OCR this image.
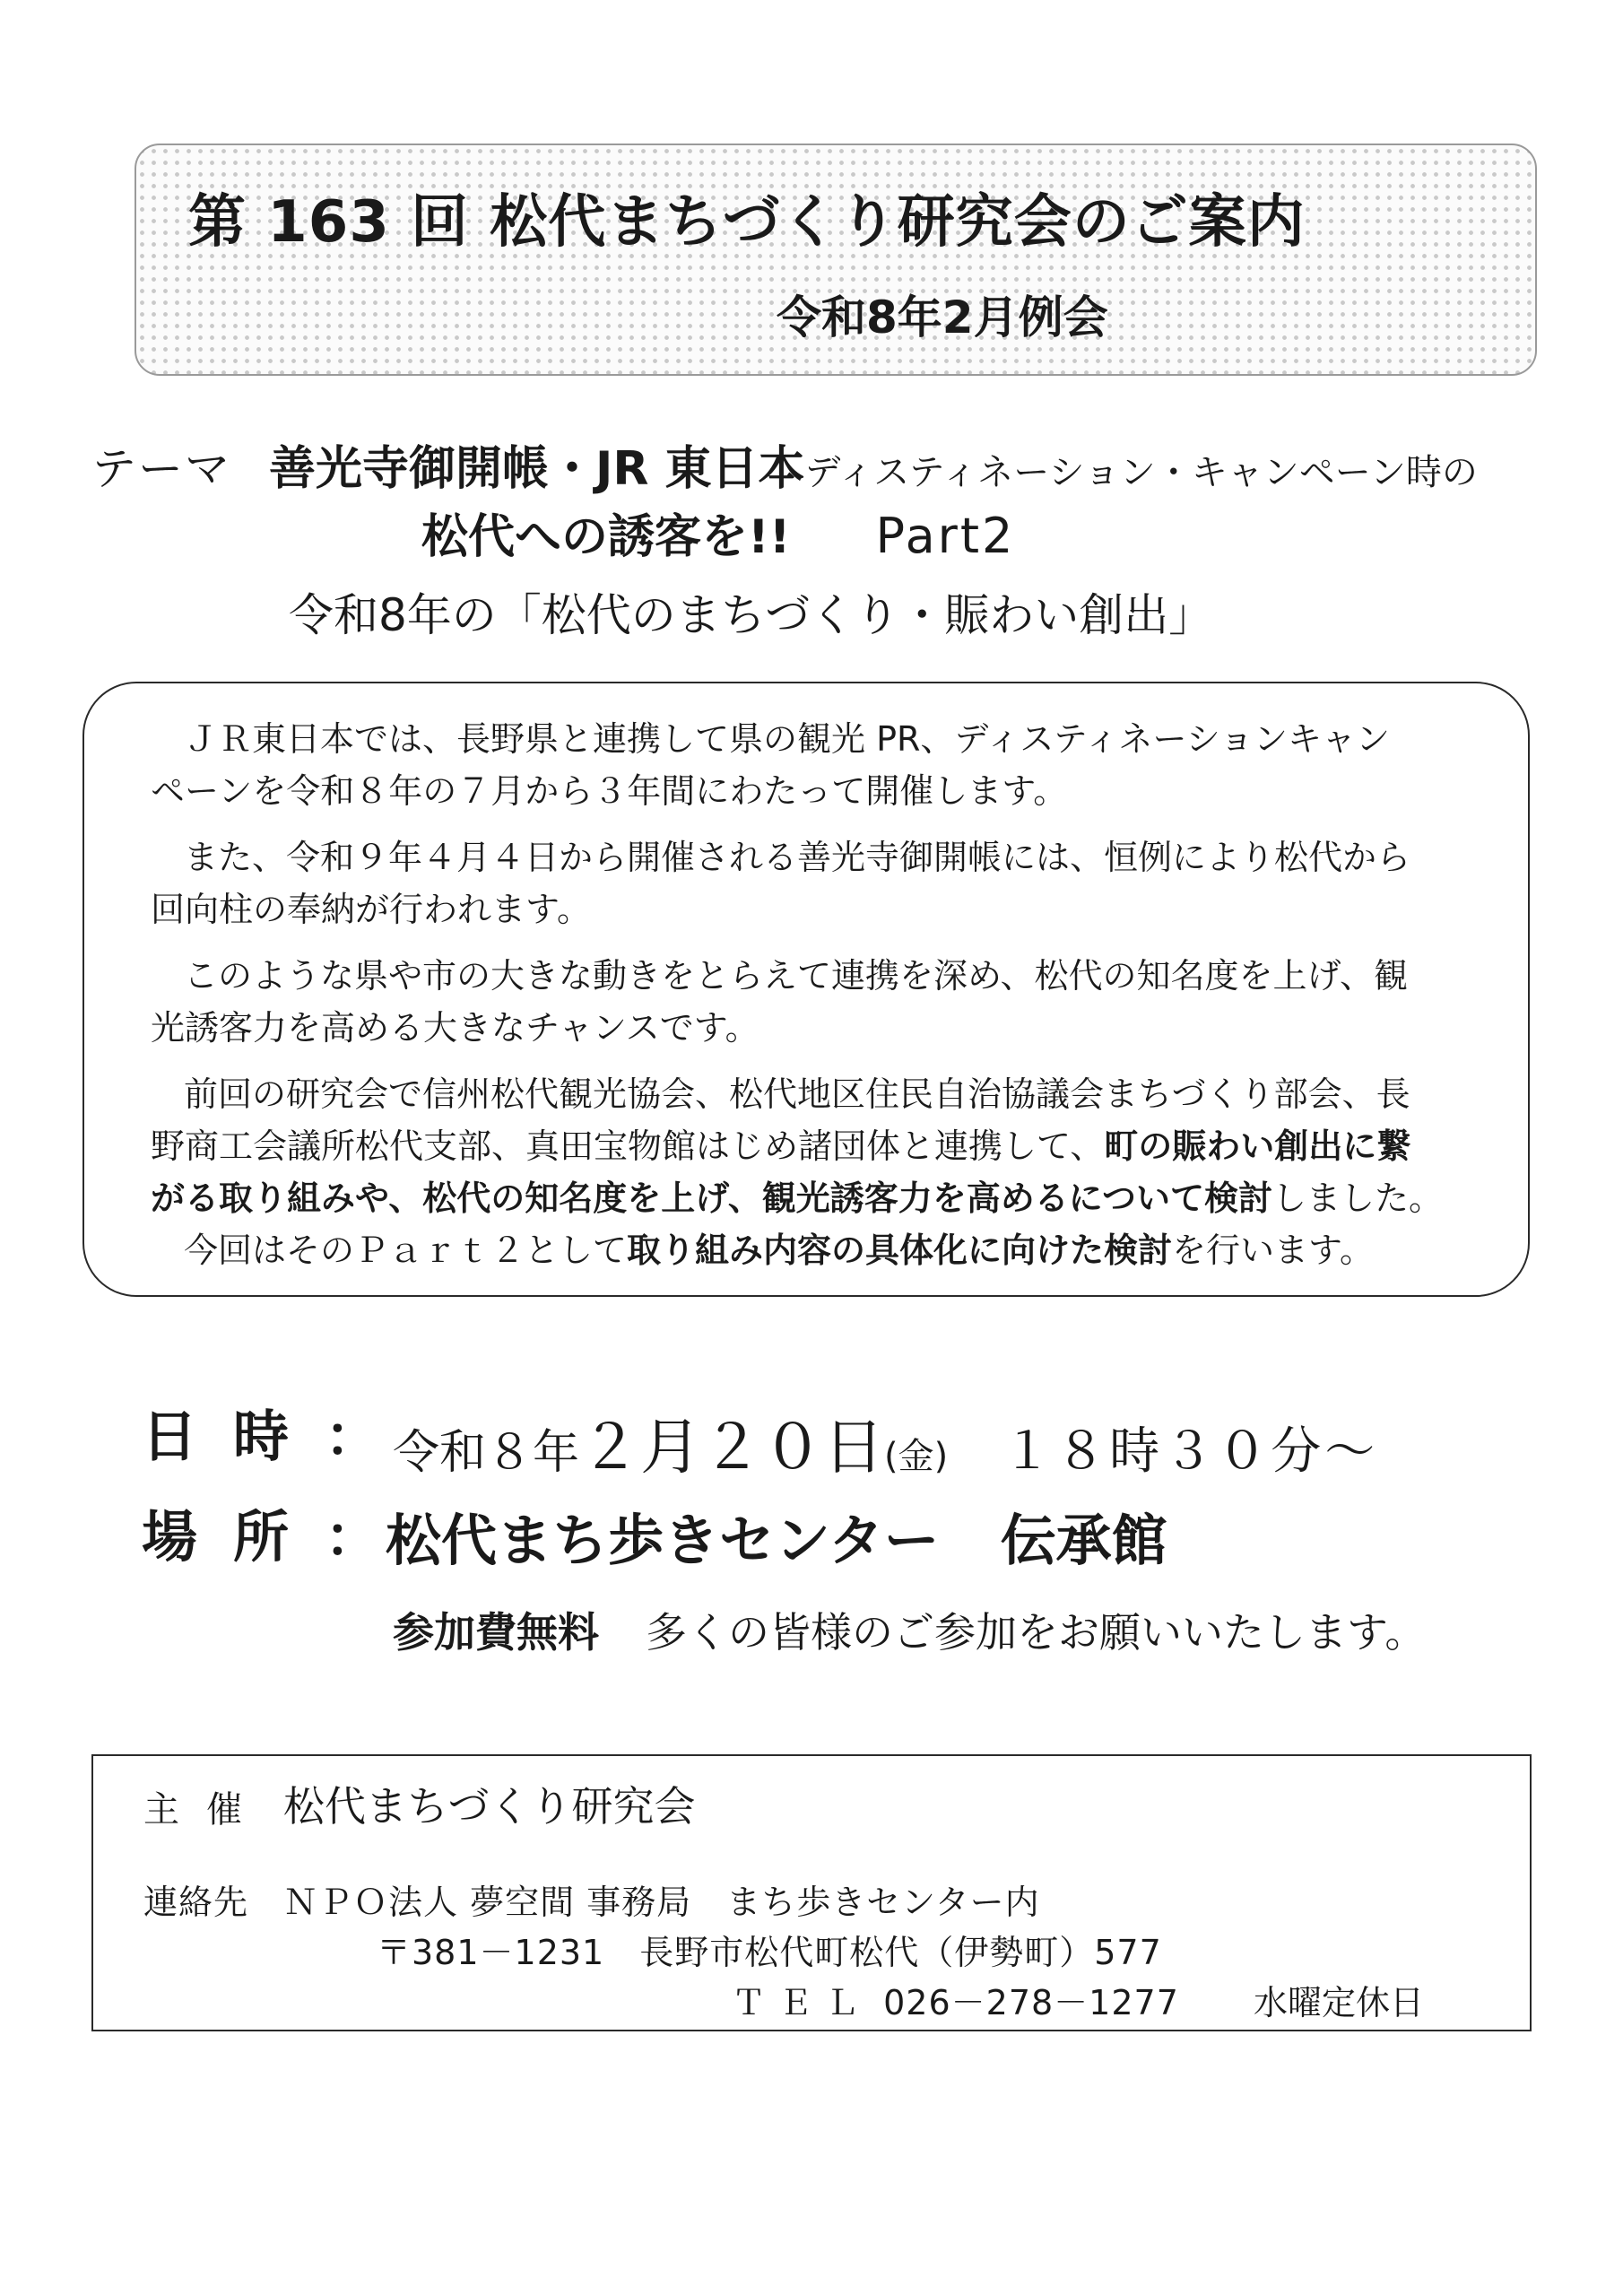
第 163 回 松代まちづくり研究会のご案内
令和8年2月例会
テーマ 善光寺御開帳・JR 東日本ディスティネーション・キャンペーン時の
松代への誘客を!! Part2
令和8年の「松代のまちづくり・賑わい創出」
ＪＲ東日本では、長野県と連携して県の観光 PR、ディスティネーションキャン
ペーンを令和８年の７月から３年間にわたって開催します。
また、令和９年４月４日から開催される善光寺御開帳には、恒例により松代から
回向柱の奉納が行われます。
このような県や市の大きな動きをとらえて連携を深め、松代の知名度を上げ、観
光誘客力を高める大きなチャンスです。
前回の研究会で信州松代観光協会、松代地区住民自治協議会まちづくり部会、長
野商工会議所松代支部、真田宝物館はじめ諸団体と連携して、町の賑わい創出に繋
がる取り組みや、松代の知名度を上げ、観光誘客力を高めるについて検討しました。
今回はそのＰａｒｔ２として取り組み内容の具体化に向けた検討を行います。
日時：
令和８年２月２０日(金) １８時３０分～
場所：
松代まち歩きセンター 伝承館
参加費無料 多くの皆様のご参加をお願いいたします。
主催 松代まちづくり研究会
連絡先　ＮＰＯ法人 夢空間 事務局　まち歩きセンター内
〒381－1231　長野市松代町松代（伊勢町）577
ＴＥＬ 026－278－1277 水曜定休日
